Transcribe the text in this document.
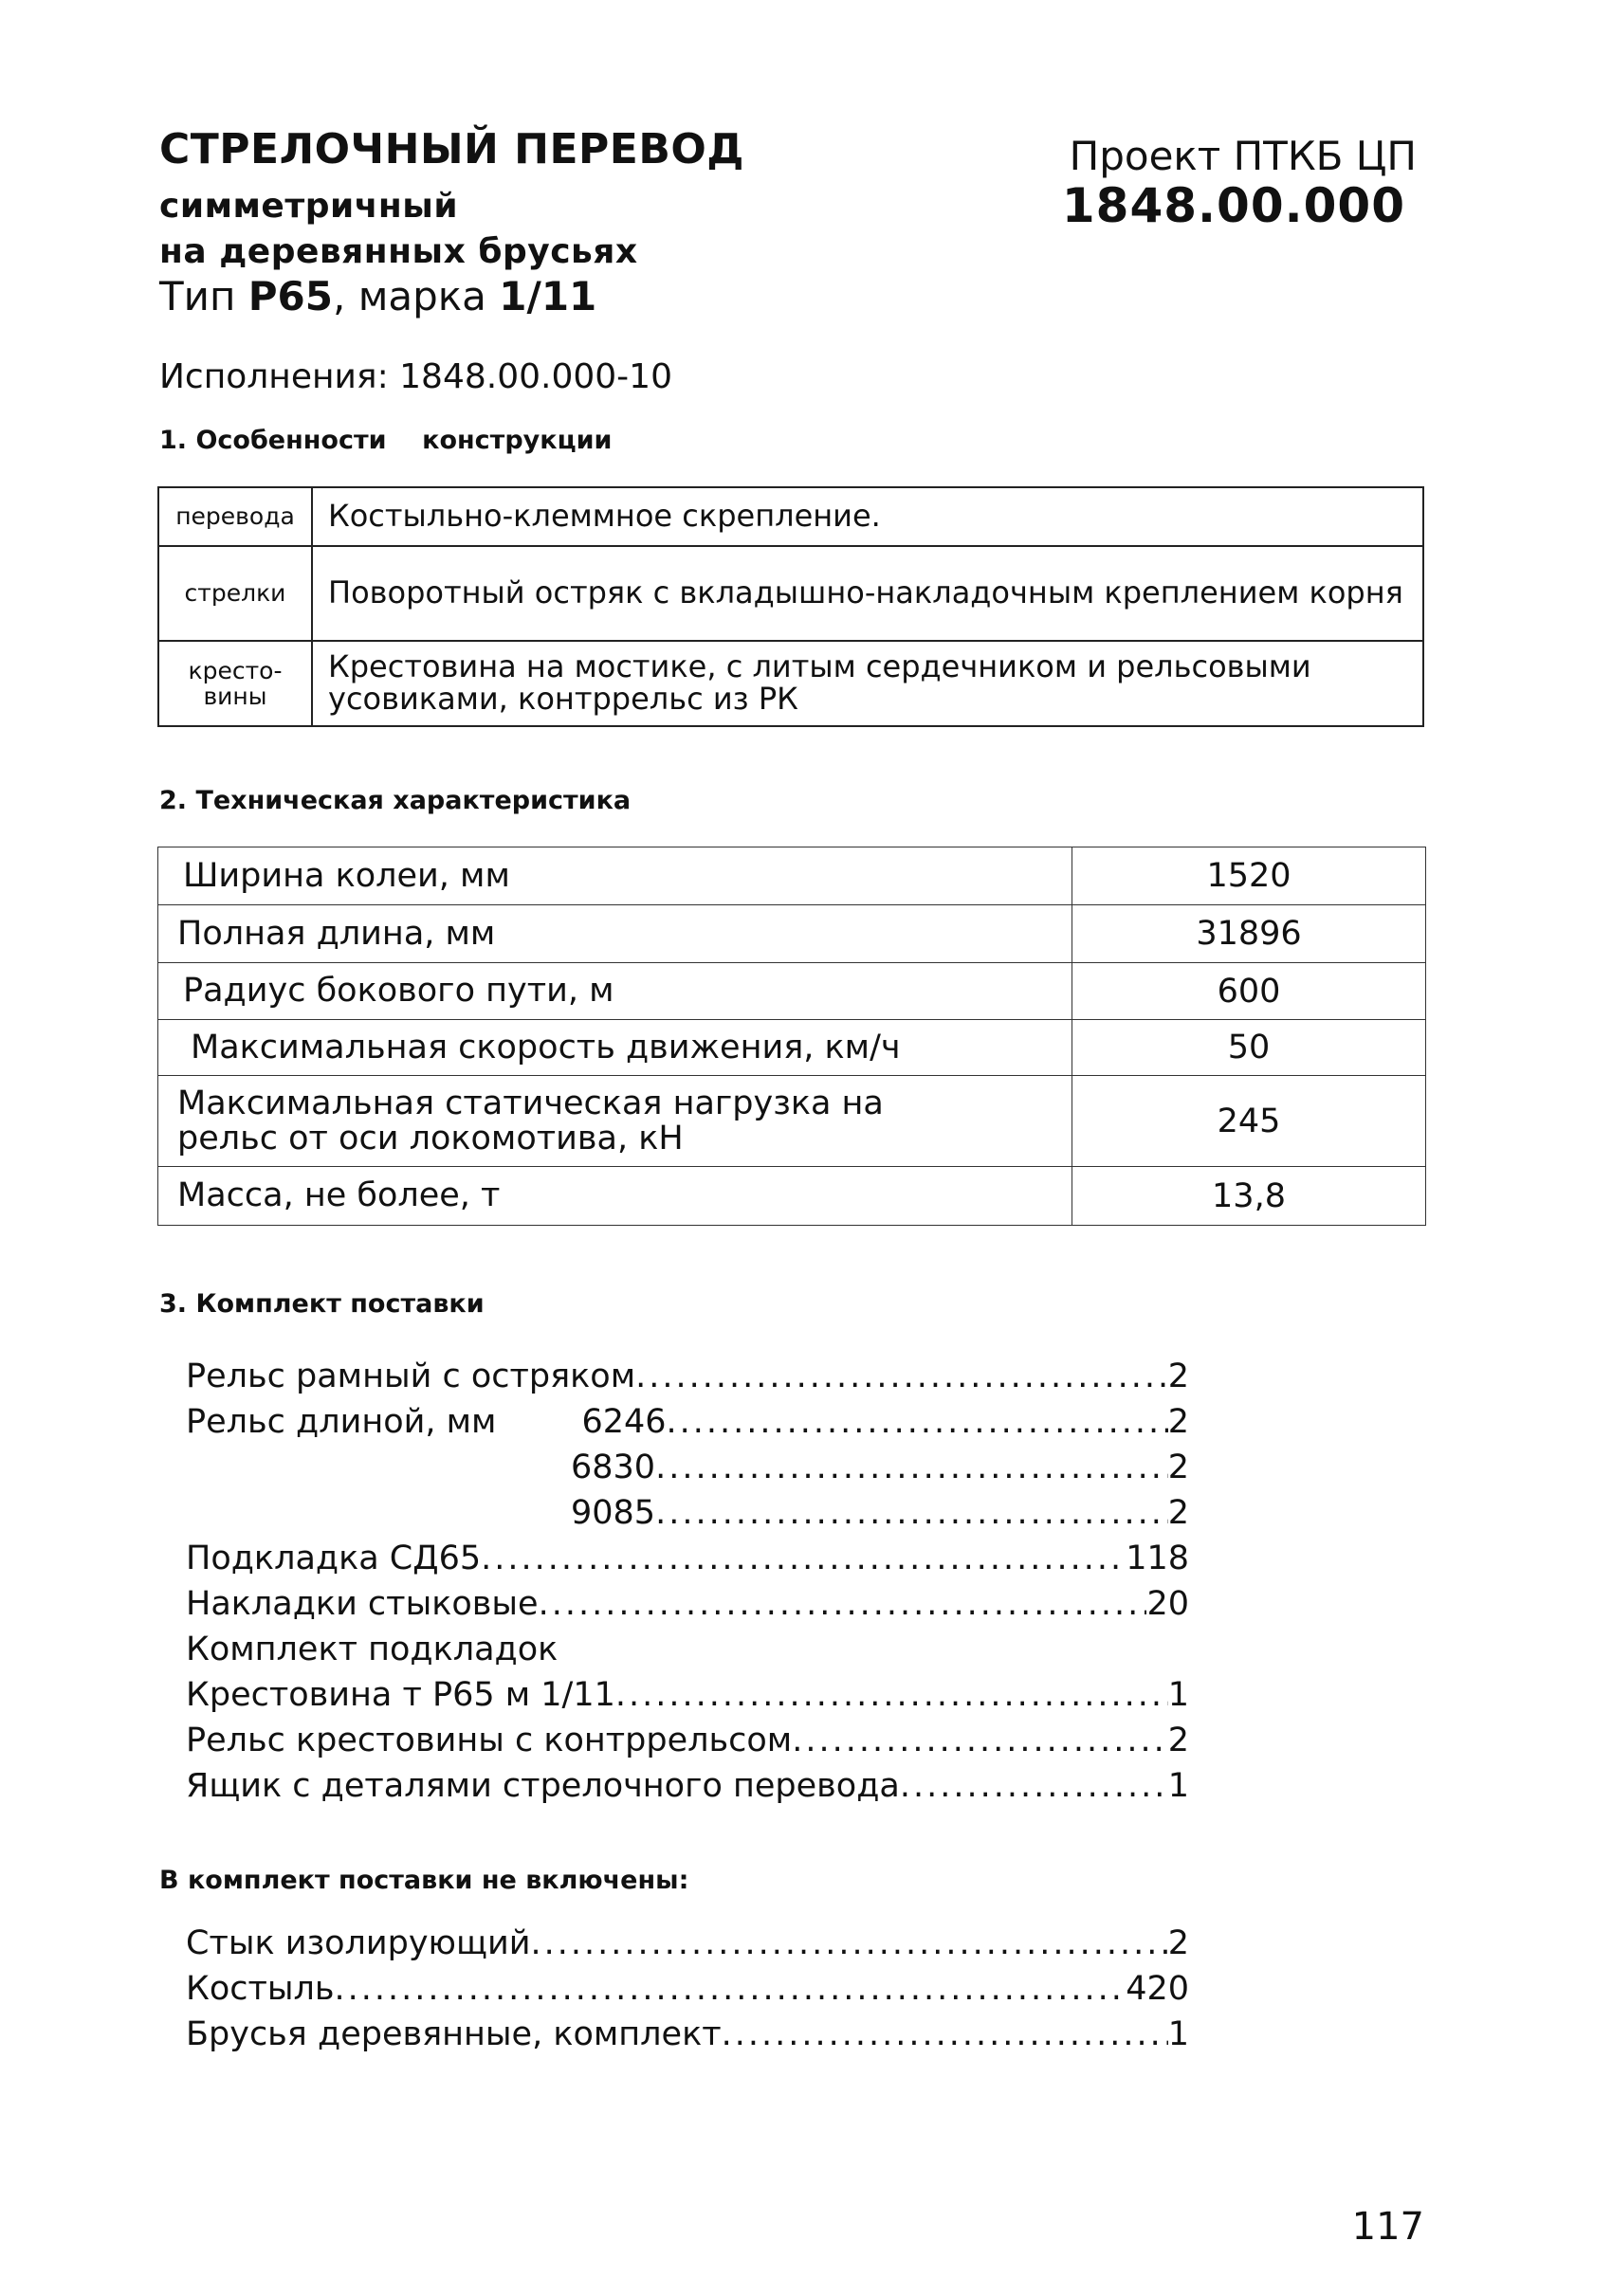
СТРЕЛОЧНЫЙ ПЕРЕВОД
симметричный
на деревянных брусьях
Тип Р65, марка 1/11
Проект ПТКБ ЦП
1848.00.000
Исполнения: 1848.00.000-10
1. Особенности    конструкции
перевода	Костыльно-клеммное скрепление.
стрелки	Поворотный остряк с вкладышно-накладочным креплением корня
кресто-
вины	Крестовина на мостике, с литым сердечником и рельсовыми усовиками, контррельс из РК
2. Техническая характеристика
Ширина колеи, мм	1520
Полная длина, мм	31896
Радиус бокового пути, м	600
Максимальная скорость движения, км/ч	50
Максимальная статическая нагрузка на рельс от оси локомотива, кН	245
Масса, не более, т	13,8
3. Комплект поставки
Рельс рамный с остряком .....	2
Рельс длиной, мм	6246 .....	2
6830 .....	2
9085 .....	2
Подкладка СД65 .....	118
Накладки стыковые .....	20
Комплект подкладок
Крестовина т Р65 м 1/11 .....	1
Рельс крестовины с контррельсом .....	2
Ящик с деталями стрелочного перевода .....	1
В комплект поставки не включены:
Стык изолирующий .....	2
Костыль .....	420
Брусья деревянные, комплект .....	1
117
